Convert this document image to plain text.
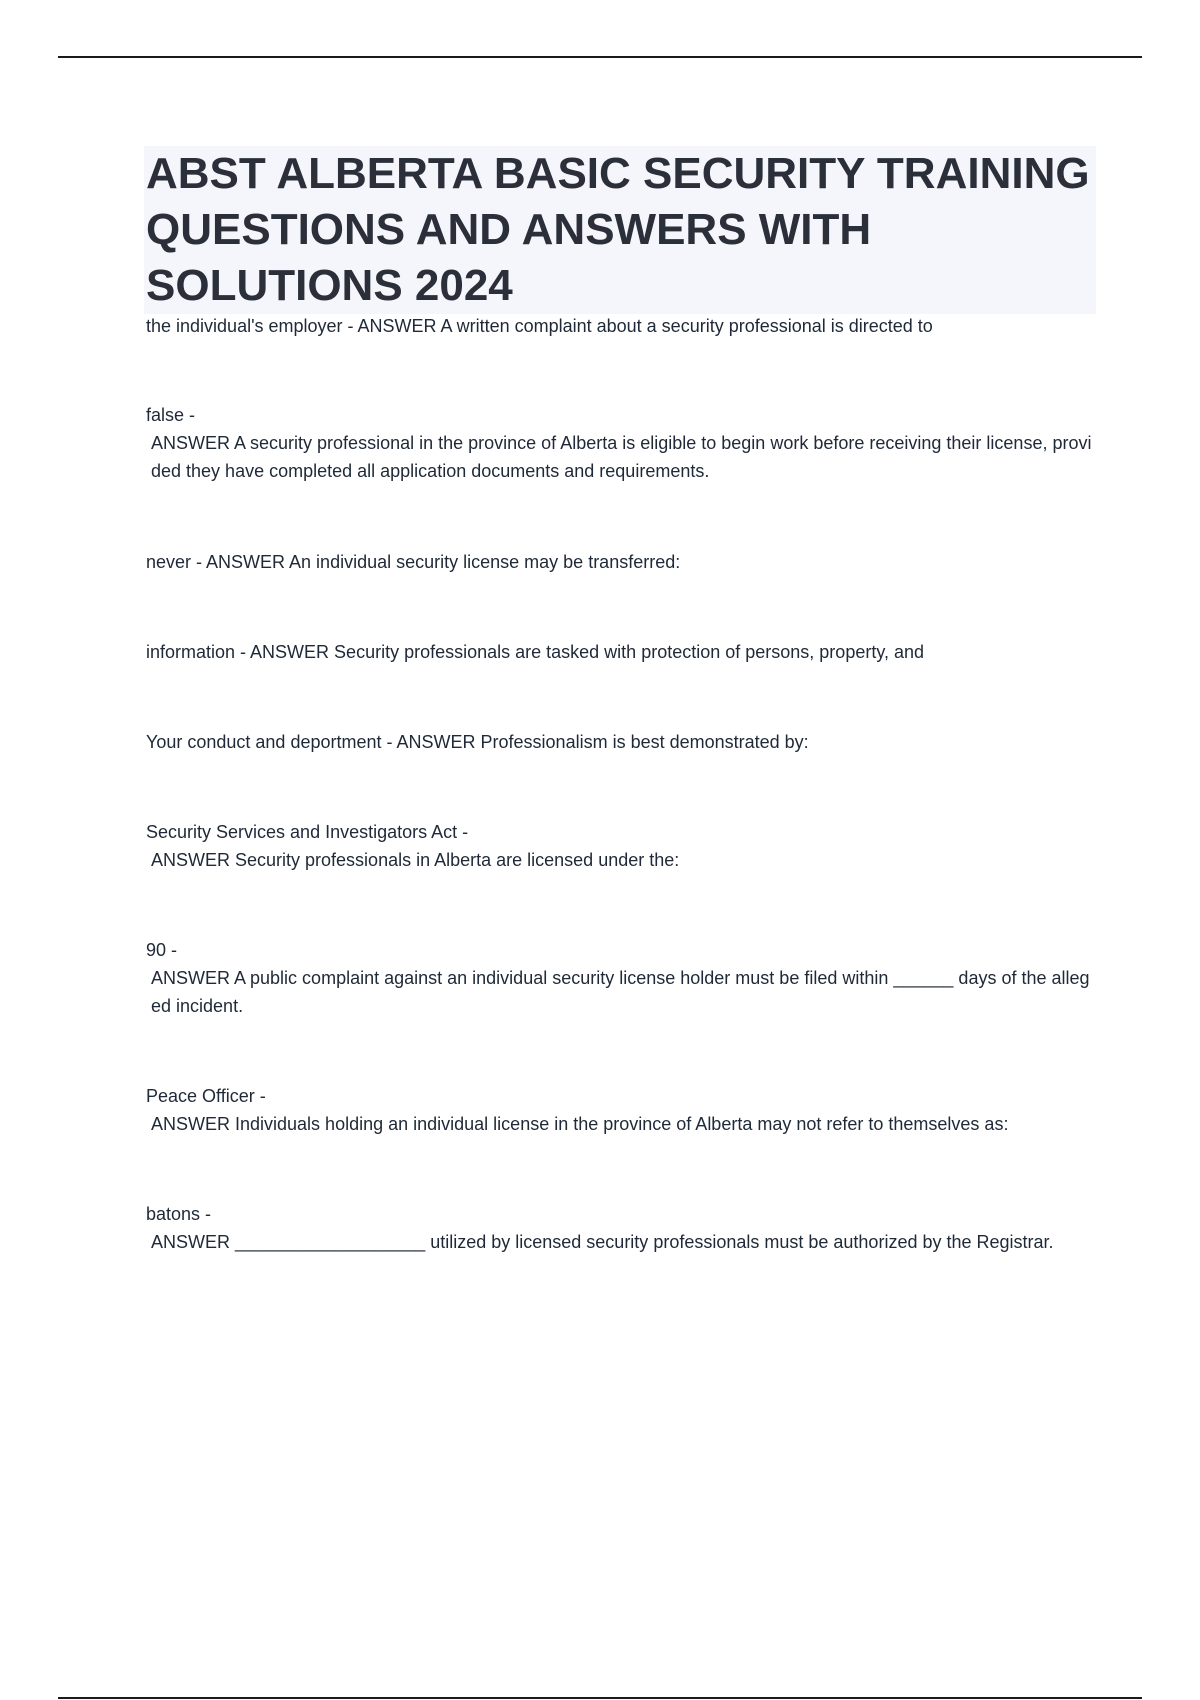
ABST ALBERTA BASIC SECURITY TRAINING QUESTIONS AND ANSWERS WITH SOLUTIONS 2024
the individual's employer - ANSWER A written complaint about a security professional is directed to
false -
ANSWER A security professional in the province of Alberta is eligible to begin work before receiving their license, provided they have completed all application documents and requirements.
never - ANSWER An individual security license may be transferred:
information - ANSWER Security professionals are tasked with protection of persons, property, and
Your conduct and deportment - ANSWER Professionalism is best demonstrated by:
Security Services and Investigators Act -
ANSWER Security professionals in Alberta are licensed under the:
90 -
ANSWER A public complaint against an individual security license holder must be filed within ______ days of the alleged incident.
Peace Officer -
ANSWER Individuals holding an individual license in the province of Alberta may not refer to themselves as:
batons -
ANSWER ___________________ utilized by licensed security professionals must be authorized by the Registrar.
